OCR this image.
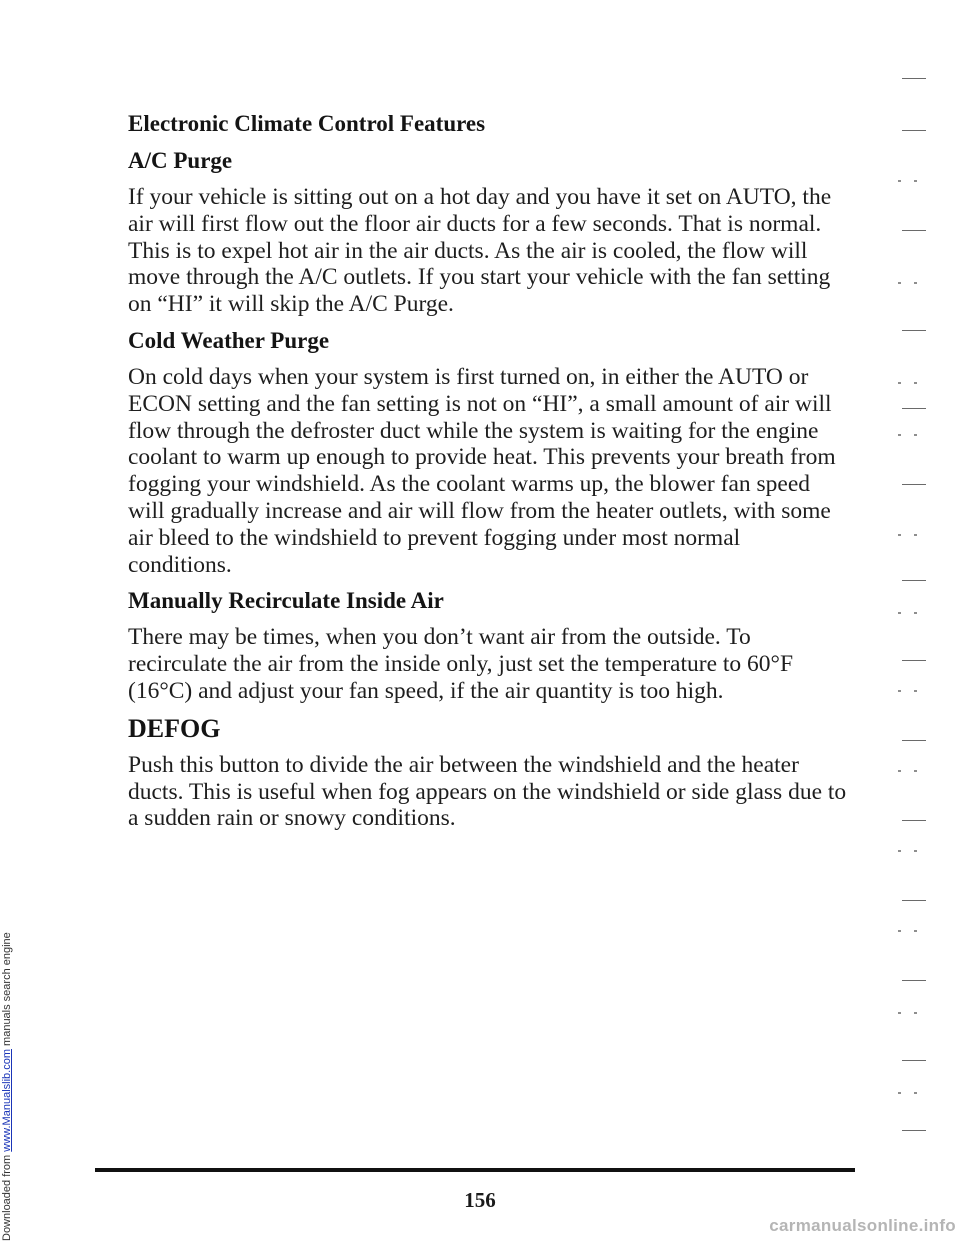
Downloaded from www.Manualslib.com manuals search engine
Electronic Climate Control Features
A/C Purge

If your vehicle is sitting out on a hot day and you have it set on AUTO, the air will first flow out the floor air ducts for a few seconds. That is normal. This is to expel hot air in the air ducts. As the air is cooled, the flow will move through the A/C outlets. If you start your vehicle with the fan setting on “HI” it will skip the A/C Purge.

Cold Weather Purge

On cold days when your system is first turned on, in either the AUTO or ECON setting and the fan setting is not on “HI”, a small amount of air will flow through the defroster duct while the system is waiting for the engine coolant to warm up enough to provide heat. This prevents your breath from fogging your windshield. As the coolant warms up, the blower fan speed will gradually increase and air will flow from the heater outlets, with some air bleed to the windshield to prevent fogging under most normal conditions.

Manually Recirculate Inside Air

There may be times, when you don’t want air from the outside. To recirculate the air from the inside only, just set the temperature to 60°F (16°C) and adjust your fan speed, if the air quantity is too high.

DEFOG

Push this button to divide the air between the windshield and the heater ducts. This is useful when fog appears on the windshield or side glass due to a sudden rain or snowy conditions.

156
carmanualsonline.info
